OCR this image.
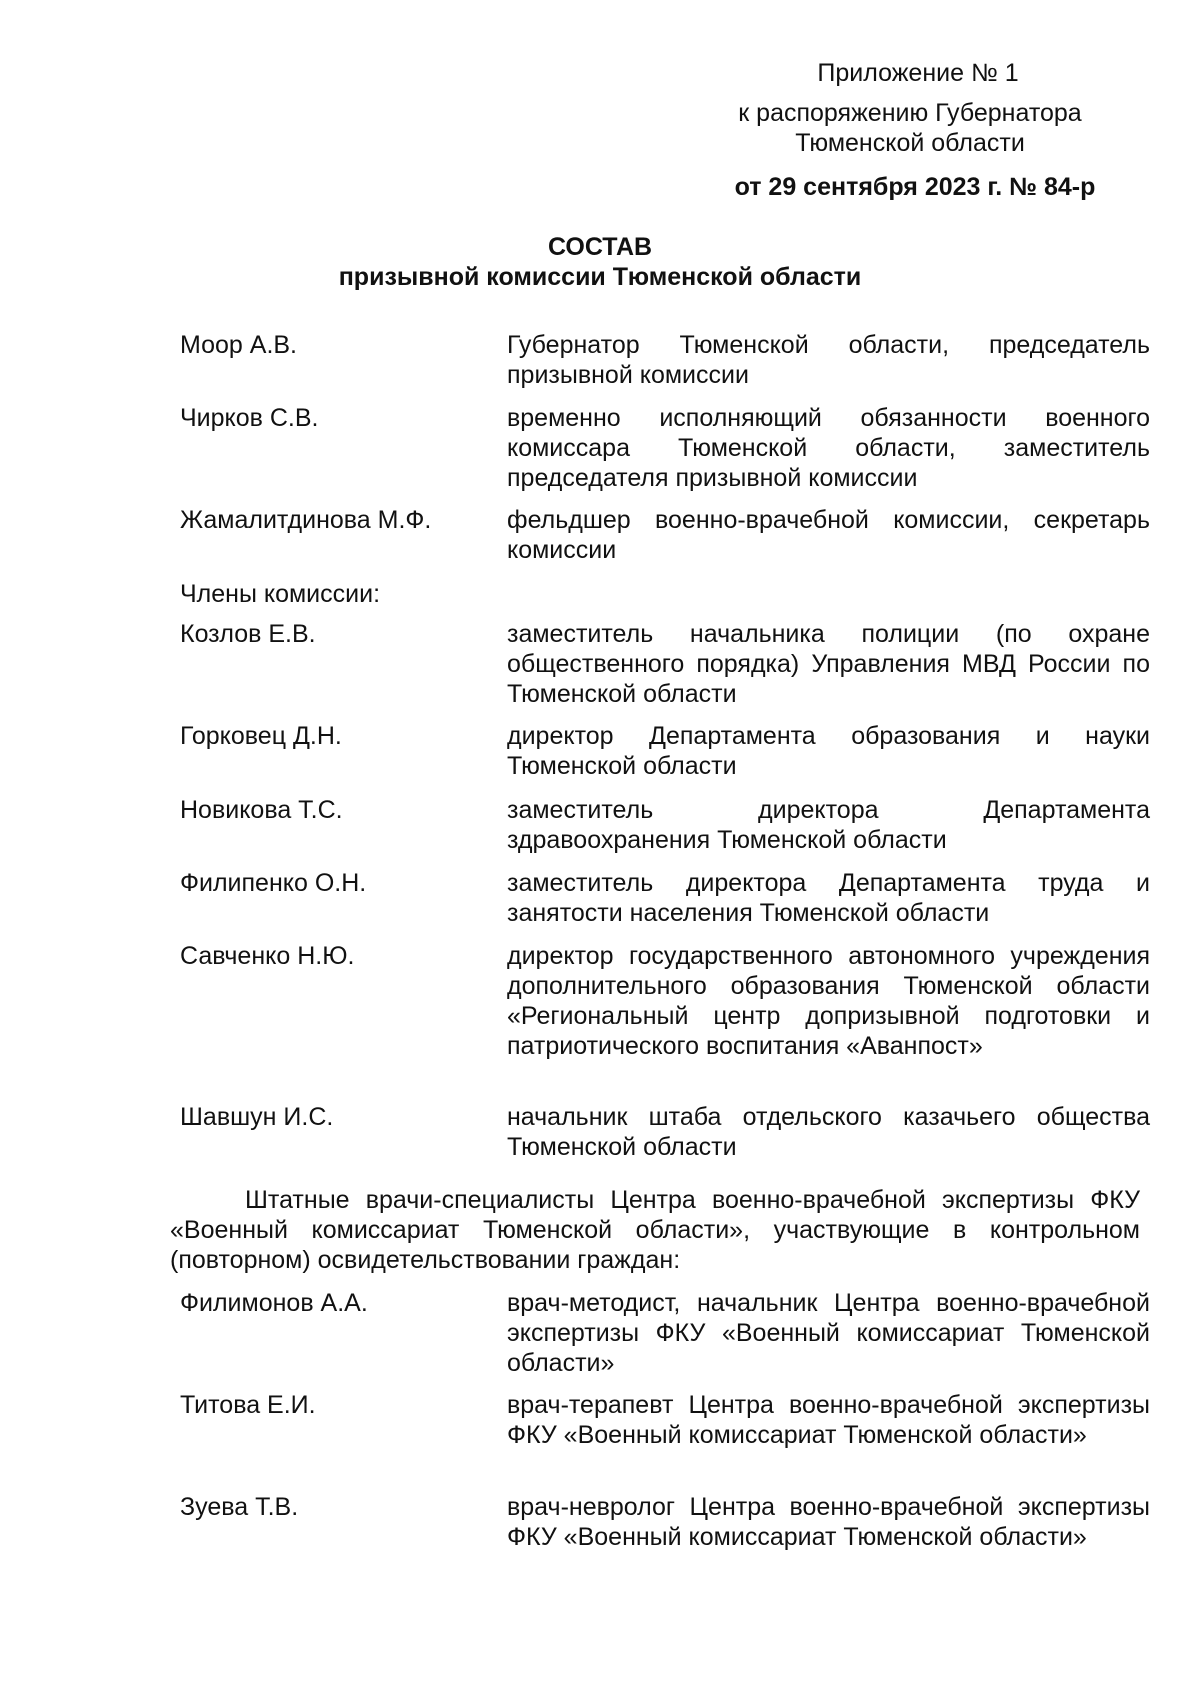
Приложение № 1
к распоряжению Губернатора Тюменской области
от 29 сентября 2023 г. № 84-р
СОСТАВ
призывной комиссии Тюменской области
Моор А.В.	Губернатор Тюменской области, председатель призывной комиссии
Чирков С.В.	временно исполняющий обязанности военного комиссара Тюменской области, заместитель председателя призывной комиссии
Жамалитдинова М.Ф.	фельдшер военно-врачебной комиссии, секретарь комиссии
Члены комиссии:
Козлов Е.В.	заместитель начальника полиции (по охране общественного порядка) Управления МВД России по Тюменской области
Горковец Д.Н.	директор Департамента образования и науки Тюменской области
Новикова Т.С.	заместитель директора Департамента здравоохранения Тюменской области
Филипенко О.Н.	заместитель директора Департамента труда и занятости населения Тюменской области
Савченко Н.Ю.	директор государственного автономного учреждения дополнительного образования Тюменской области «Региональный центр допризывной подготовки и патриотического воспитания «Аванпост»
Шавшун И.С.	начальник штаба отдельского казачьего общества Тюменской области
Штатные врачи-специалисты Центра военно-врачебной экспертизы ФКУ «Военный комиссариат Тюменской области», участвующие в контрольном (повторном) освидетельствовании граждан:
Филимонов А.А.	врач-методист, начальник Центра военно-врачебной экспертизы ФКУ «Военный комиссариат Тюменской области»
Титова Е.И.	врач-терапевт Центра военно-врачебной экспертизы ФКУ «Военный комиссариат Тюменской области»
Зуева Т.В.	врач-невролог Центра военно-врачебной экспертизы ФКУ «Военный комиссариат Тюменской области»
